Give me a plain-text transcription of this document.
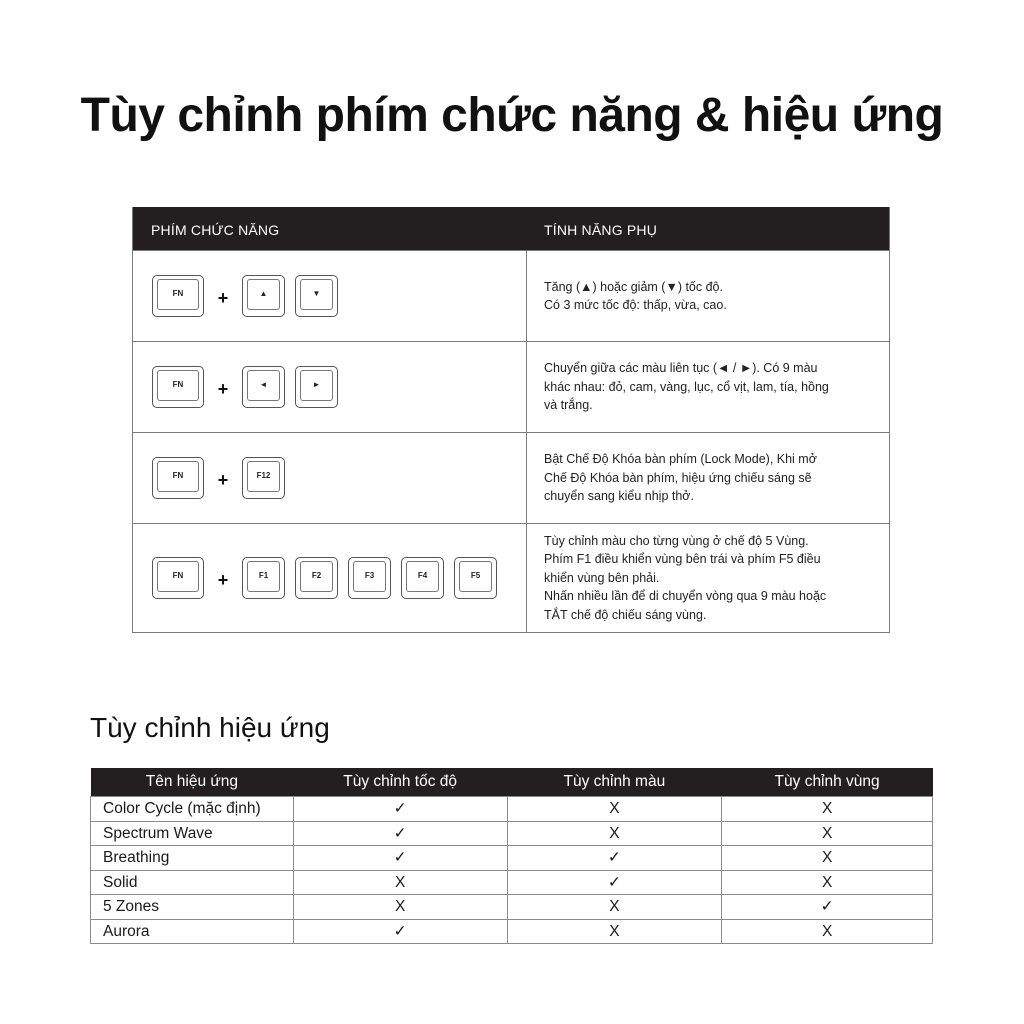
Tùy chỉnh phím chức năng & hiệu ứng
PHÍM CHỨC NĂNG	TÍNH NĂNG PHỤ
FN	+	▲	▼	Tăng (▲) hoặc giảm (▼) tốc độ.
Có 3 mức tốc độ: thấp, vừa, cao.
FN	+	◄	►
Chuyển giữa các màu liên tục (◄ / ►). Có 9 màu
khác nhau: đỏ, cam, vàng, lục, cổ vịt, lam, tía, hồng
và trắng.
FN	+	F12
Bật Chế Độ Khóa bàn phím (Lock Mode), Khi mở
Chế Độ Khóa bàn phím, hiệu ứng chiếu sáng sẽ
chuyển sang kiểu nhịp thở.
FN	+	F1	F2	F3	F4	F5
Tùy chỉnh màu cho từng vùng ở chế độ 5 Vùng.
Phím F1 điều khiển vùng bên trái và phím F5 điều
khiển vùng bên phải.
Nhấn nhiều lần để di chuyển vòng qua 9 màu hoặc
TẮT chế độ chiếu sáng vùng.
Tùy chỉnh hiệu ứng
Tên hiệu ứng	Tùy chỉnh tốc độ	Tùy chỉnh màu	Tùy chỉnh vùng
Color Cycle (mặc định)	✓	X	X
Spectrum Wave	✓	X	X
Breathing	✓	✓	X
Solid	X	✓	X
5 Zones	X	X	✓
Aurora	✓	X	X
